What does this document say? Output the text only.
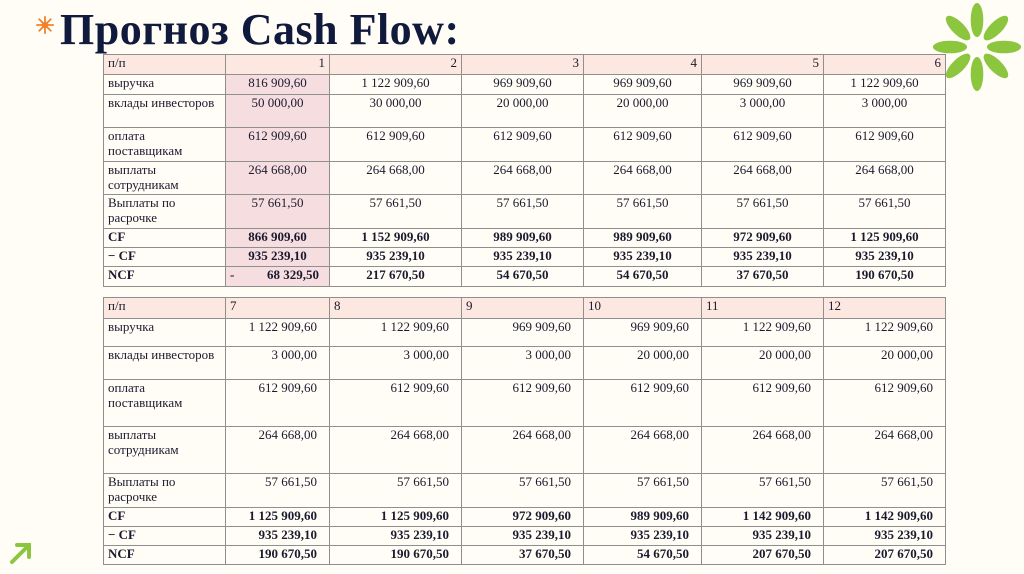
Прогноз Cash Flow:
п/п	1	2	3	4	5	6
выручка	816 909,60	1 122 909,60	969 909,60	969 909,60	969 909,60	1 122 909,60
вклады инвесторов	50 000,00	30 000,00	20 000,00	20 000,00	3 000,00	3 000,00
оплата поставщикам	612 909,60	612 909,60	612 909,60	612 909,60	612 909,60	612 909,60
выплаты сотрудникам	264 668,00	264 668,00	264 668,00	264 668,00	264 668,00	264 668,00
Выплаты по расрочке	57 661,50	57 661,50	57 661,50	57 661,50	57 661,50	57 661,50
CF	866 909,60	1 152 909,60	989 909,60	989 909,60	972 909,60	1 125 909,60
− CF	935 239,10	935 239,10	935 239,10	935 239,10	935 239,10	935 239,10
NCF	- 68 329,50	217 670,50	54 670,50	54 670,50	37 670,50	190 670,50
п/п	7	8	9	10	11	12
выручка	1 122 909,60	1 122 909,60	969 909,60	969 909,60	1 122 909,60	1 122 909,60
вклады инвесторов	3 000,00	3 000,00	3 000,00	20 000,00	20 000,00	20 000,00
оплата поставщикам	612 909,60	612 909,60	612 909,60	612 909,60	612 909,60	612 909,60
выплаты сотрудникам	264 668,00	264 668,00	264 668,00	264 668,00	264 668,00	264 668,00
Выплаты по расрочке	57 661,50	57 661,50	57 661,50	57 661,50	57 661,50	57 661,50
CF	1 125 909,60	1 125 909,60	972 909,60	989 909,60	1 142 909,60	1 142 909,60
− CF	935 239,10	935 239,10	935 239,10	935 239,10	935 239,10	935 239,10
NCF	190 670,50	190 670,50	37 670,50	54 670,50	207 670,50	207 670,50
